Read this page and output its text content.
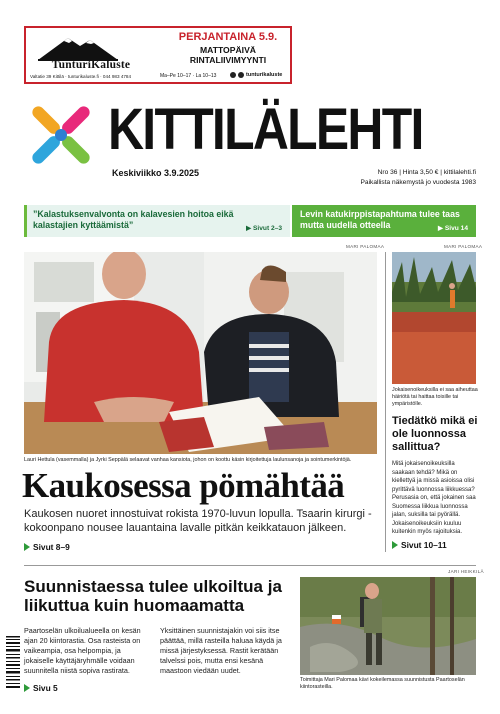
TunturiKaluste
Valtatie 39 Kittilä · tunturikaluste.fi · 044 983 4784
PERJANTAINA 5.9.
MATTOPÄIVÄ
RINTALIIVIMYYNTI
Ma–Pe 10–17 · La 10–13	tunturikaluste
KITTILÄLEHTI
Keskiviikko 3.9.2025	Nro 36 | Hinta 3,50 € | kittilalehti.fi
Paikallista näkemystä jo vuodesta 1983
”Kalastuksenvalvonta on kalavesien hoitoa eikä kalastajien kyttäämistä”	▶ Sivut 2–3
Levin katukirppistapahtuma tulee taas mutta uudella otteella	▶ Sivu 14
MARI PALOMAA	MARI PALOMAA
Lauri Hettula (vasemmalla) ja Jyrki Seppälä selaavat vanhaa kansiota, johon on koottu käsin kirjoitettuja laulunsanoja ja sointumerkintöjä.
Kaukosessa pömähtää
Kaukosen nuoret innostuivat rokista 1970-luvun lopulla. Tsaarin kirurgi -kokoonpano nousee lauantaina lavalle pitkän keikkatauon jälkeen.
Sivut 8–9
Jokaisenoikeuksilla ei saa aiheuttaa häiriötä tai haittaa toisille tai ympäristölle.
Tiedätkö mikä ei ole luonnossa sallittua?
Mitä jokaisenoikeuksilla saakaan tehdä? Mikä on kiellettyä ja missä asioissa olisi pyrittävä luonnossa liikkuessa? Perusasia on, että jokainen saa Suomessa liikkua luonnossa jalan, suksilla tai pyörällä. Jokaisenoikeuksiin kuuluu kuitenkin myös rajoituksia.
Sivut 10–11
JARI HEIKKILÄ
Suunnistaessa tulee ulkoiltua ja liikuttua kuin huomaamatta
Paartoselän ulkoilualueella on kesän ajan 20 kiintorastia. Osa rasteista on vaikeampia, osa helpompia, ja jokaiselle käyttäjäryhmälle voidaan suunnitella niistä sopiva rastirata.
Yksittäinen suunnistajakin voi siis itse päättää, millä rasteilla haluaa käydä ja missä järjestyksessä. Rastit kerätään talvelssi pois, mutta ensi kesänä maastoon viedään uudet.
Sivu 5
Toimittaja Mari Palomaa kävi kokeilemassa suunnistusta Paartoselän kiintorasteilla.
